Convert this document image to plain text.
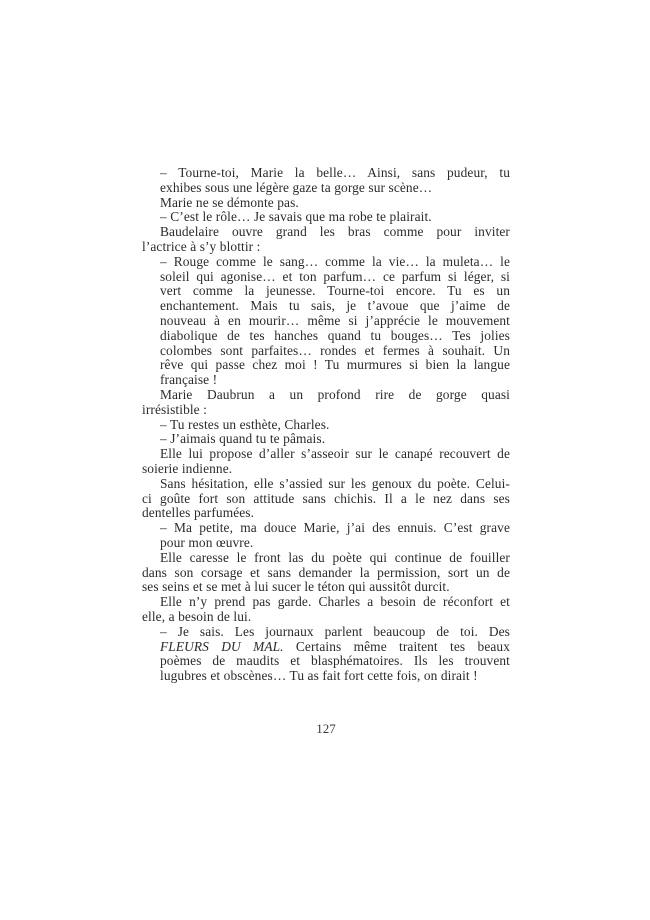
– Tourne-toi, Marie la belle… Ainsi, sans pudeur, tu
exhibes sous une légère gaze ta gorge sur scène…
Marie ne se démonte pas.
– C’est le rôle… Je savais que ma robe te plairait.
Baudelaire ouvre grand les bras comme pour inviter
l’actrice à s’y blottir :
– Rouge comme le sang… comme la vie… la muleta… le
soleil qui agonise… et ton parfum… ce parfum si léger, si
vert comme la jeunesse. Tourne-toi encore. Tu es un
enchantement. Mais tu sais, je t’avoue que j’aime de
nouveau à en mourir… même si j’apprécie le mouvement
diabolique de tes hanches quand tu bouges… Tes jolies
colombes sont parfaites… rondes et fermes à souhait. Un
rêve qui passe chez moi ! Tu murmures si bien la langue
française !
Marie Daubrun a un profond rire de gorge quasi
irrésistible :
– Tu restes un esthète, Charles.
– J’aimais quand tu te pâmais.
Elle lui propose d’aller s’asseoir sur le canapé recouvert de
soierie indienne.
Sans hésitation, elle s’assied sur les genoux du poète. Celui-
ci goûte fort son attitude sans chichis. Il a le nez dans ses
dentelles parfumées.
– Ma petite, ma douce Marie, j’ai des ennuis. C’est grave
pour mon œuvre.
Elle caresse le front las du poète qui continue de fouiller
dans son corsage et sans demander la permission, sort un de
ses seins et se met à lui sucer le téton qui aussitôt durcit.
Elle n’y prend pas garde. Charles a besoin de réconfort et
elle, a besoin de lui.
– Je sais. Les journaux parlent beaucoup de toi. Des
FLEURS DU MAL. Certains même traitent tes beaux
poèmes de maudits et blasphématoires. Ils les trouvent
lugubres et obscènes… Tu as fait fort cette fois, on dirait !
127
